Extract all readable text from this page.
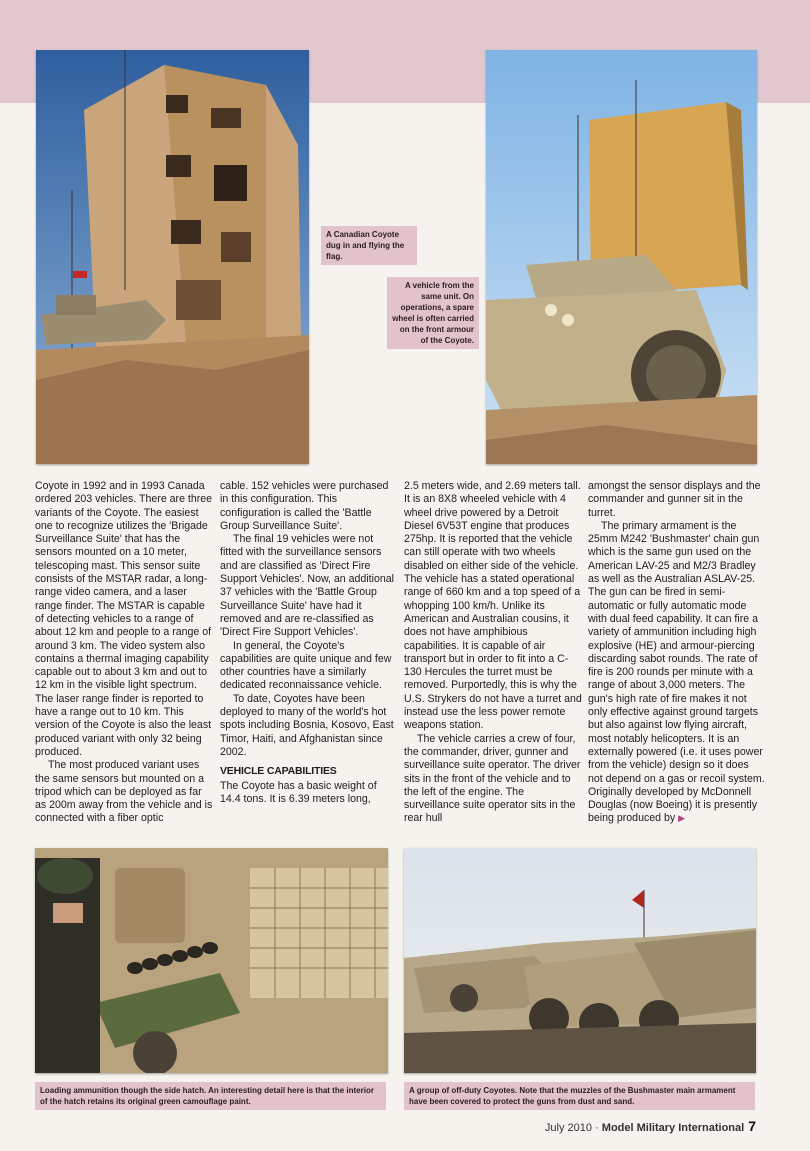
A Canadian Coyote dug in and flying the flag.
A vehicle from the same unit. On operations, a spare wheel is often carried on the front armour of the Coyote.

Coyote in 1992 and in 1993 Canada ordered 203 vehicles. There are three variants of the Coyote. The easiest one to recognize utilizes the 'Brigade Surveillance Suite' that has the sensors mounted on a 10 meter, telescoping mast. This sensor suite consists of the MSTAR radar, a long-range video camera, and a laser range finder. The MSTAR is capable of detecting vehicles to a range of about 12 km and people to a range of around 3 km. The video system also contains a thermal imaging capability capable out to about 3 km and out to 12 km in the visible light spectrum. The laser range finder is reported to have a range out to 10 km. This version of the Coyote is also the least produced variant with only 32 being produced.

The most produced variant uses the same sensors but mounted on a tripod which can be deployed as far as 200m away from the vehicle and is connected with a fiber optic

cable. 152 vehicles were purchased in this configuration. This configuration is called the 'Battle Group Surveillance Suite'.

The final 19 vehicles were not fitted with the surveillance sensors and are classified as 'Direct Fire Support Vehicles'. Now, an additional 37 vehicles with the 'Battle Group Surveillance Suite' have had it removed and are re-classified as 'Direct Fire Support Vehicles'.

In general, the Coyote's capabilities are quite unique and few other countries have a similarly dedicated reconnaissance vehicle.

To date, Coyotes have been deployed to many of the world's hot spots including Bosnia, Kosovo, East Timor, Haiti, and Afghanistan since 2002.

VEHICLE CAPABILITIES

The Coyote has a basic weight of 14.4 tons. It is 6.39 meters long,

2.5 meters wide, and 2.69 meters tall. It is an 8X8 wheeled vehicle with 4 wheel drive powered by a Detroit Diesel 6V53T engine that produces 275hp. It is reported that the vehicle can still operate with two wheels disabled on either side of the vehicle. The vehicle has a stated operational range of 660 km and a top speed of a whopping 100 km/h. Unlike its American and Australian cousins, it does not have amphibious capabilities. It is capable of air transport but in order to fit into a C-130 Hercules the turret must be removed. Purportedly, this is why the U.S. Strykers do not have a turret and instead use the less power remote weapons station.

The vehicle carries a crew of four, the commander, driver, gunner and surveillance suite operator. The driver sits in the front of the vehicle and to the left of the engine. The surveillance suite operator sits in the rear hull

amongst the sensor displays and the commander and gunner sit in the turret.

The primary armament is the 25mm M242 'Bushmaster' chain gun which is the same gun used on the American LAV-25 and M2/3 Bradley as well as the Australian ASLAV-25. The gun can be fired in semi-automatic or fully automatic mode with dual feed capability. It can fire a variety of ammunition including high explosive (HE) and armour-piercing discarding sabot rounds. The rate of fire is 200 rounds per minute with a range of about 3,000 meters. The gun's high rate of fire makes it not only effective against ground targets but also against low flying aircraft, most notably helicopters. It is an externally powered (i.e. it uses power from the vehicle) design so it does not depend on a gas or recoil system. Originally developed by McDonnell Douglas (now Boeing) it is presently being produced by ▶

Loading ammunition though the side hatch. An interesting detail here is that the interior of the hatch retains its original green camouflage paint.
A group of off-duty Coyotes. Note that the muzzles of the Bushmaster main armament have been covered to protect the guns from dust and sand.
July 2010 · Model Military International 7
